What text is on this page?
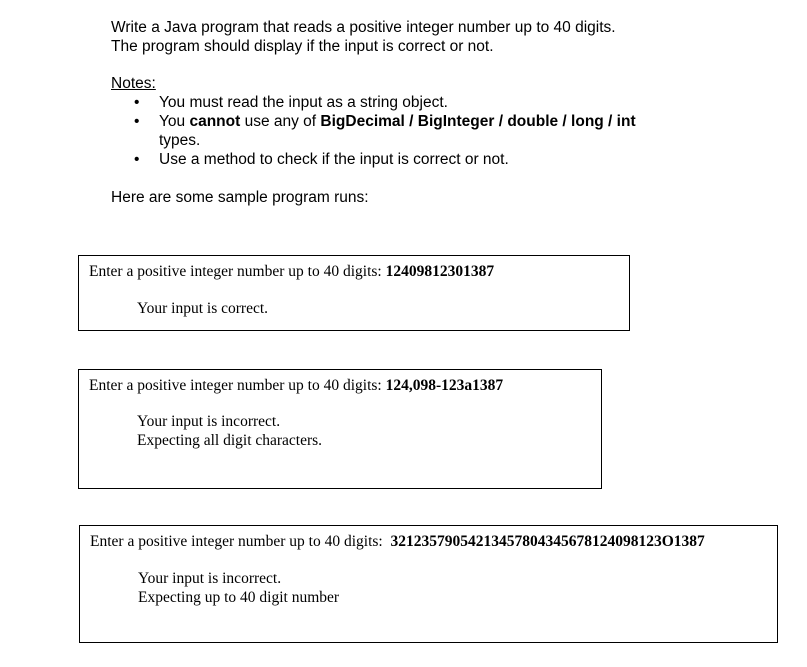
Write a Java program that reads a positive integer number up to 40 digits.
The program should display if the input is correct or not.
Notes:
•	You must read the input as a string object.
•	You cannot use any of BigDecimal / BigInteger / double / long / int
types.
•	Use a method to check if the input is correct or not.
Here are some sample program runs:
Enter a positive integer number up to 40 digits: 12409812301387
Your input is correct.
Enter a positive integer number up to 40 digits: 124,098-123a1387
Your input is incorrect.
Expecting all digit characters.
Enter a positive integer number up to 40 digits:  32123579054213457804345678124098123O1387
Your input is incorrect.
Expecting up to 40 digit number
